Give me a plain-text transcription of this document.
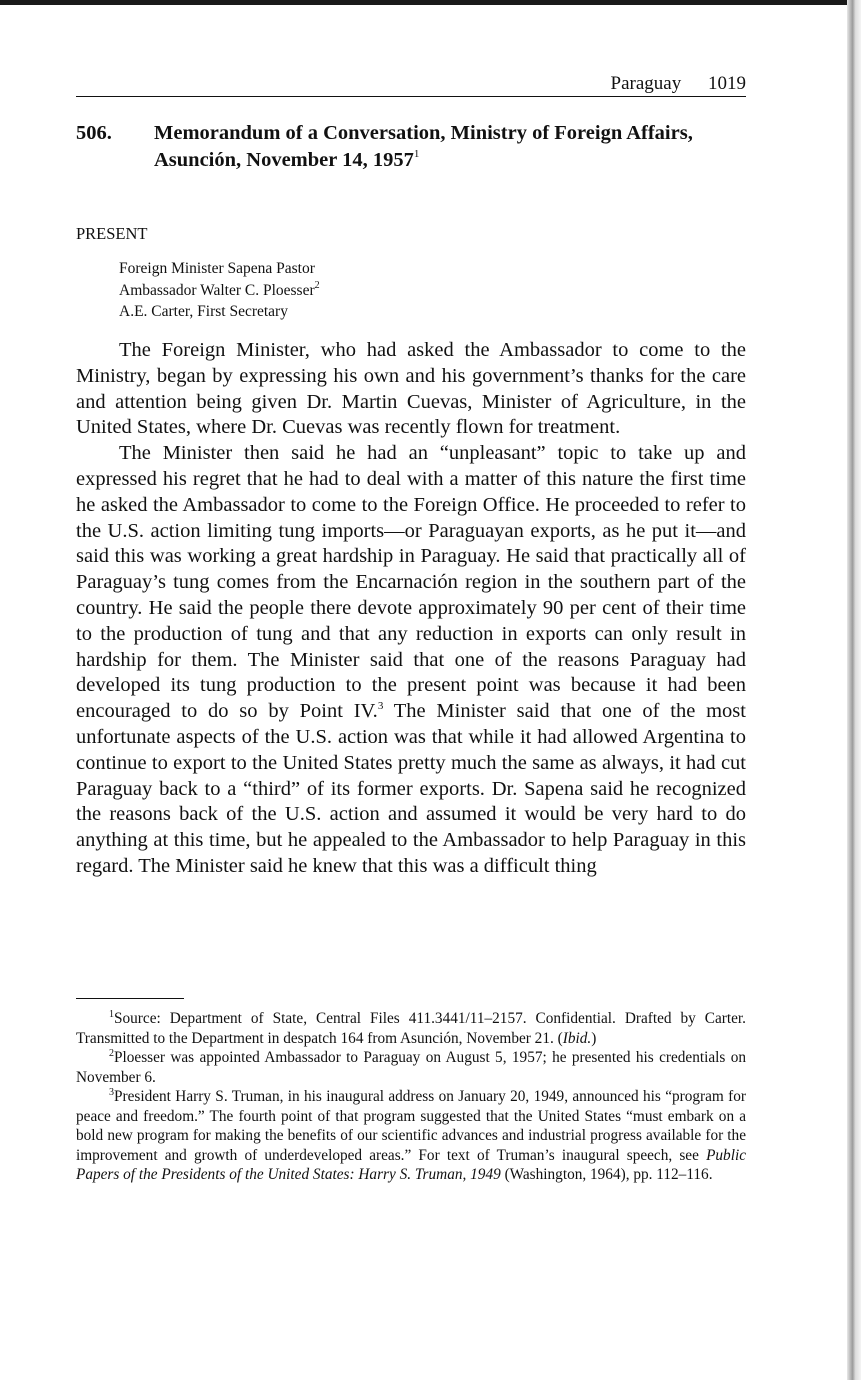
Paraguay 1019
506. Memorandum of a Conversation, Ministry of Foreign Affairs, Asunción, November 14, 1957$^1$
PRESENT
Foreign Minister Sapena Pastor
Ambassador Walter C. Ploesser$^2$
A.E. Carter, First Secretary

The Foreign Minister, who had asked the Ambassador to come to the Ministry, began by expressing his own and his government’s thanks for the care and attention being given Dr. Martin Cuevas, Minister of Agriculture, in the United States, where Dr. Cuevas was recently flown for treatment.

The Minister then said he had an “unpleasant” topic to take up and expressed his regret that he had to deal with a matter of this nature the first time he asked the Ambassador to come to the Foreign Office. He proceeded to refer to the U.S. action limiting tung imports—or Paraguayan exports, as he put it—and said this was working a great hardship in Paraguay. He said that practically all of Paraguay’s tung comes from the Encarnación region in the southern part of the country. He said the people there devote approximately 90 per cent of their time to the production of tung and that any reduction in exports can only result in hardship for them. The Minister said that one of the reasons Paraguay had developed its tung production to the present point was because it had been encouraged to do so by Point IV.$^3$ The Minister said that one of the most unfortunate aspects of the U.S. action was that while it had allowed Argentina to continue to export to the United States pretty much the same as always, it had cut Paraguay back to a “third” of its former exports. Dr. Sapena said he recognized the reasons back of the U.S. action and assumed it would be very hard to do anything at this time, but he appealed to the Ambassador to help Paraguay in this regard. The Minister said he knew that this was a difficult thing

$^1$Source: Department of State, Central Files 411.3441/11–2157. Confidential. Drafted by Carter. Transmitted to the Department in despatch 164 from Asunción, November 21. (Ibid.)

$^2$Ploesser was appointed Ambassador to Paraguay on August 5, 1957; he presented his credentials on November 6.

$^3$President Harry S. Truman, in his inaugural address on January 20, 1949, announced his “program for peace and freedom.” The fourth point of that program suggested that the United States “must embark on a bold new program for making the benefits of our scientific advances and industrial progress available for the improvement and growth of underdeveloped areas.” For text of Truman’s inaugural speech, see Public Papers of the Presidents of the United States: Harry S. Truman, 1949 (Washington, 1964), pp. 112–116.
